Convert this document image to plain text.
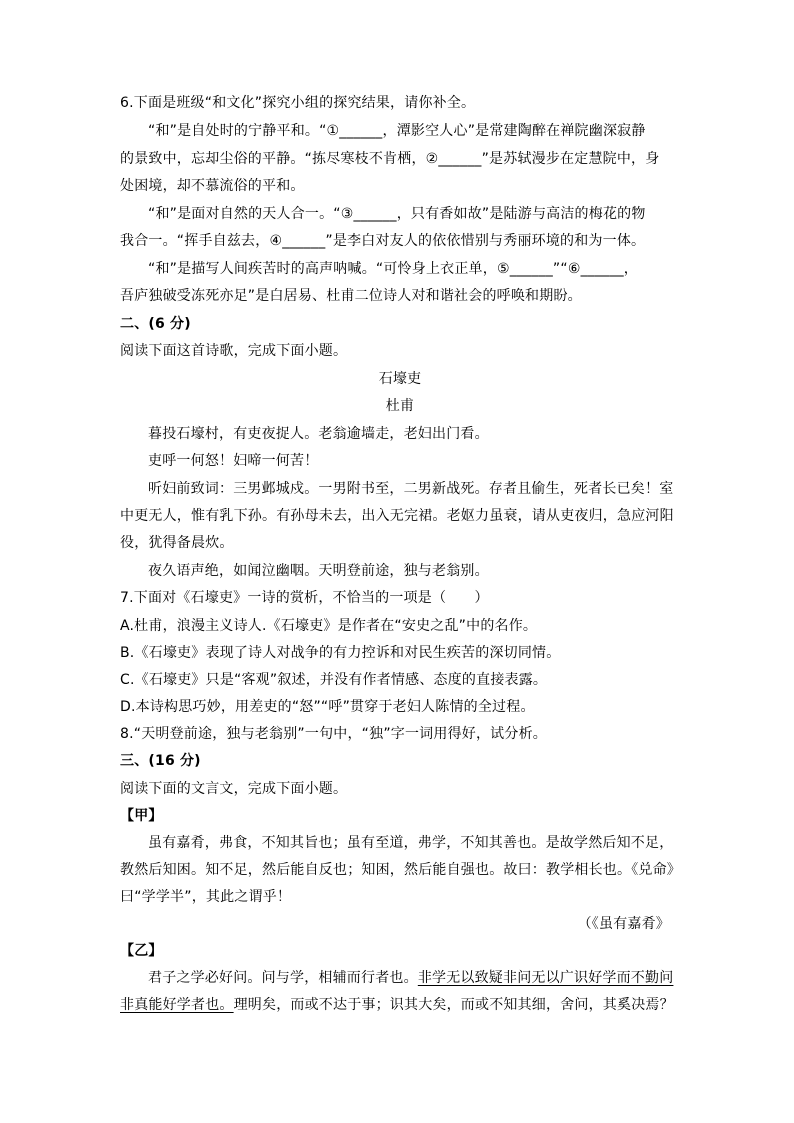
6.下面是班级“和文化”探究小组的探究结果，请你补全。
“和”是自处时的宁静平和。“①______，潭影空人心”是常建陶醉在禅院幽深寂静
的景致中，忘却尘俗的平静。“拣尽寒枝不肯栖，②______”是苏轼漫步在定慧院中，身
处困境，却不慕流俗的平和。
“和”是面对自然的天人合一。“③______，只有香如故”是陆游与高洁的梅花的物
我合一。“挥手自兹去，④______”是李白对友人的依依惜别与秀丽环境的和为一体。
“和”是描写人间疾苦时的高声呐喊。“可怜身上衣正单，⑤______”“⑥______，
吾庐独破受冻死亦足”是白居易、杜甫二位诗人对和谐社会的呼唤和期盼。
二、(6 分)
阅读下面这首诗歌，完成下面小题。
石壕吏
杜甫
暮投石壕村，有吏夜捉人。老翁逾墙走，老妇出门看。
吏呼一何怒！妇啼一何苦！
听妇前致词：三男邺城戍。一男附书至，二男新战死。存者且偷生，死者长已矣！室
中更无人，惟有乳下孙。有孙母未去，出入无完裙。老妪力虽衰，请从吏夜归，急应河阳
役，犹得备晨炊。
夜久语声绝，如闻泣幽咽。天明登前途，独与老翁别。
7.下面对《石壕吏》一诗的赏析，不恰当的一项是（　　）
A.杜甫，浪漫主义诗人.《石壕吏》是作者在“安史之乱”中的名作。
B.《石壕吏》表现了诗人对战争的有力控诉和对民生疾苦的深切同情。
C.《石壕吏》只是“客观”叙述，并没有作者情感、态度的直接表露。
D.本诗构思巧妙，用差吏的“怒”“呼”贯穿于老妇人陈情的全过程。
8.“天明登前途，独与老翁别”一句中，“独”字一词用得好，试分析。
三、(16 分)
阅读下面的文言文，完成下面小题。
【甲】
虽有嘉肴，弗食，不知其旨也；虽有至道，弗学，不知其善也。是故学然后知不足，
教然后知困。知不足，然后能自反也；知困，然后能自强也。故曰：教学相长也。《兑命》
曰“学学半”，其此之谓乎！
（《虽有嘉肴》
【乙】
君子之学必好问。问与学，相辅而行者也。非学无以致疑非问无以广识好学而不勤问
非真能好学者也。理明矣，而或不达于事；识其大矣，而或不知其细，舍问，其奚决焉？
